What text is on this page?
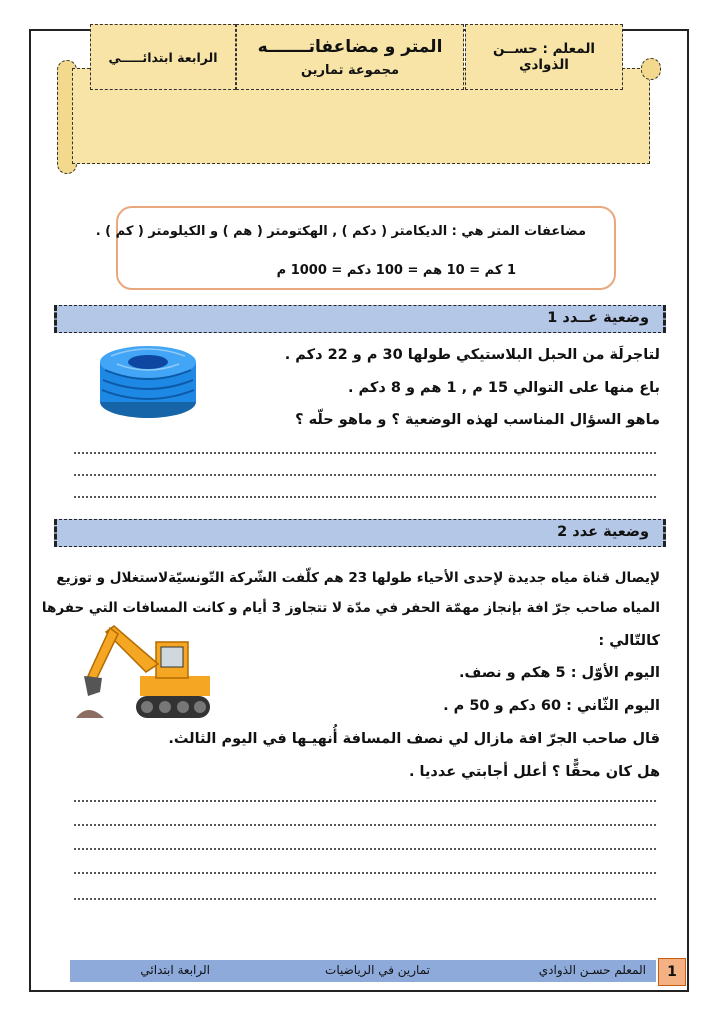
المعلم : حســن الذوادي
المتر و مضاعفاتـــــــه
مجموعة تمارين
الرابعة ابتدائـــــي
مضاعفات المتر هي : الديكامتر ( دكم ) , الهكتومتر ( هم ) و الكيلومتر ( كم ) .
1 كم = 10 هم = 100 دكم = 1000 م
وضعية عــدد 1
لتاجرلَة من الحبل البلاستيكي طولها 30 م و 22 دكم .
باع منها على التوالي 15 م , 1 هم و 8 دكم .
ماهو السؤال المناسب لهذه الوضعية ؟ و ماهو حلّه ؟
وضعية عدد 2
لإيصال قناة مياه جديدة لإحدى الأحياء طولها 23 هم كلّفت الشّركة التّونسيّةلاستغلال و توزيع
المياه صاحب جرّ افة بإنجاز مهمّة الحفر في مدّة لا تتجاوز 3 أيام و كانت المسافات التي حفرها
كالتّالي :
اليوم الأوّل : 5 هكم و نصف.
اليوم الثّاني : 60 دكم و 50 م .
قال صاحب الجرّ افة مازال لي نصف المسافة أُنهيـها في اليوم الثالث.
هل كان محقًّا ؟ أعلل أجابتي عدديا .
المعلم حسـن الذوادي
تمارين في الرياضيات
الرابعة ابتدائي	1
